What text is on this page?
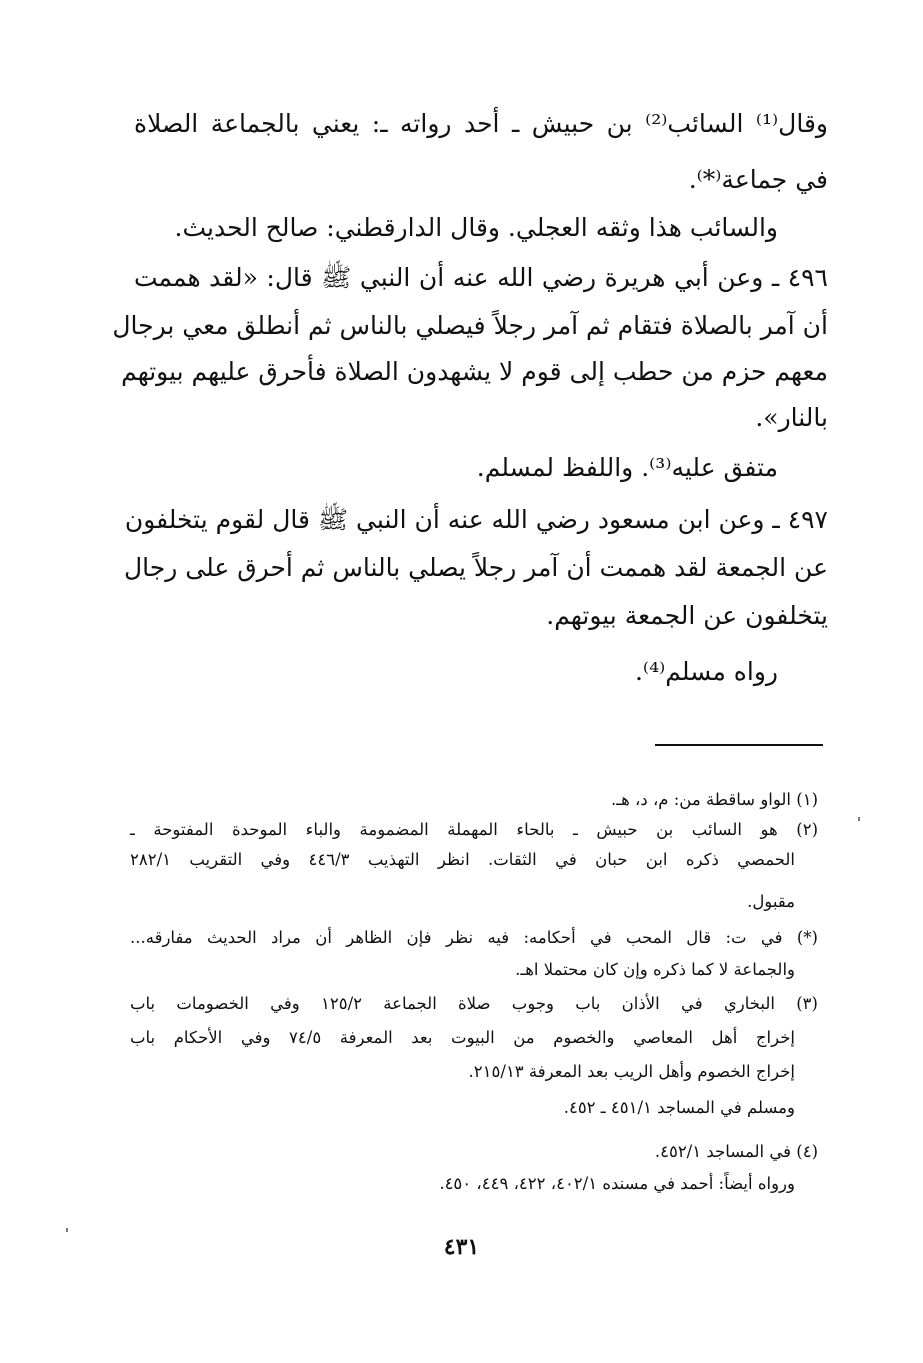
وقال⁽¹⁾ السائب⁽²⁾ بن حبيش ـ أحد رواته ـ: يعني بالجماعة الصلاة
في جماعة⁽*⁾.
والسائب هذا وثقه العجلي. وقال الدارقطني: صالح الحديث.
٤٩٦ ـ وعن أبي هريرة رضي الله عنه أن النبي ﷺ قال: «لقد هممت
أن آمر بالصلاة فتقام ثم آمر رجلاً فيصلي بالناس ثم أنطلق معي برجال
معهم حزم من حطب إلى قوم لا يشهدون الصلاة فأحرق عليهم بيوتهم
بالنار».
متفق عليه⁽³⁾. واللفظ لمسلم.
٤٩٧ ـ وعن ابن مسعود رضي الله عنه أن النبي ﷺ قال لقوم يتخلفون
عن الجمعة لقد هممت أن آمر رجلاً يصلي بالناس ثم أحرق على رجال
يتخلفون عن الجمعة بيوتهم.
رواه مسلم⁽⁴⁾.
(١) الواو ساقطة من: م، د، هـ.
(٢) هو السائب بن حبيش ـ بالحاء المهملة المضمومة والباء الموحدة المفتوحة ـ
الحمصي ذكره ابن حبان في الثقات. انظر التهذيب ٤٤٦/٣ وفي التقريب ٢٨٢/١
مقبول.
(*) في ت: قال المحب في أحكامه: فيه نظر فإن الظاهر أن مراد الحديث مفارقه...
والجماعة لا كما ذكره وإن كان محتملا اهـ.
(٣) البخاري في الأذان باب وجوب صلاة الجماعة ١٢٥/٢ وفي الخصومات باب
إخراج أهل المعاصي والخصوم من البيوت بعد المعرفة ٧٤/٥ وفي الأحكام باب
إخراج الخصوم وأهل الريب بعد المعرفة ٢١٥/١٣.
ومسلم في المساجد ٤٥١/١ ـ ٤٥٢.
(٤) في المساجد ٤٥٢/١.
ورواه أيضاً: أحمد في مسنده ٤٠٢/١، ٤٢٢، ٤٤٩، ٤٥٠.
٤٣١
